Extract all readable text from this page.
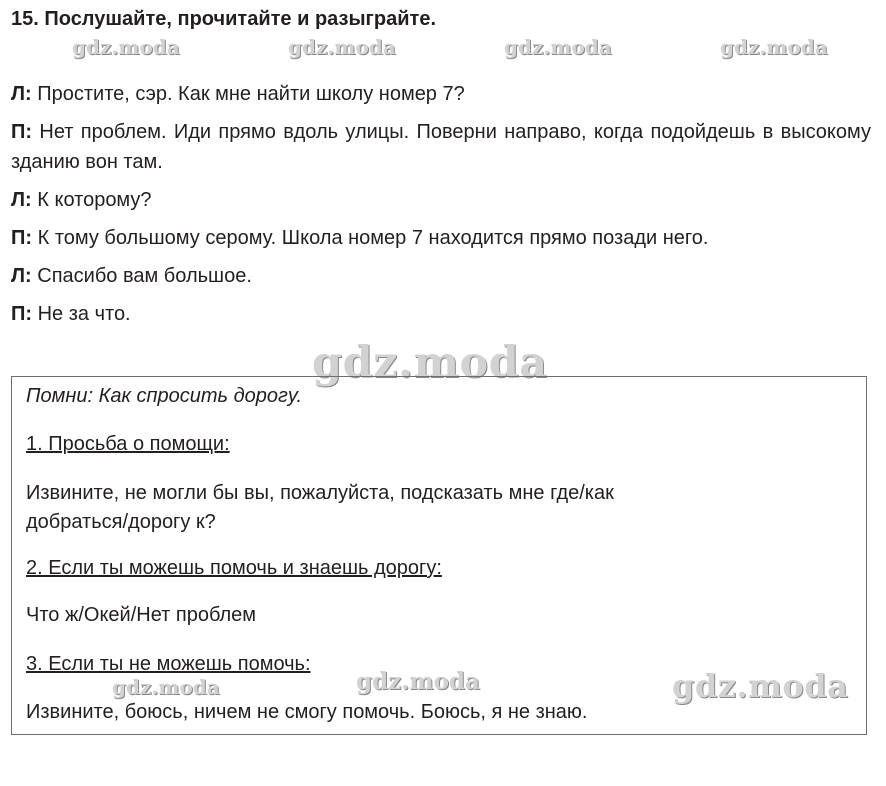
15. Послушайте, прочитайте и разыграйте.
gdz.moda	gdz.moda	gdz.moda	gdz.moda
Л: Простите, сэр. Как мне найти школу номер 7?
П: Нет проблем. Иди прямо вдоль улицы. Поверни направо, когда подойдешь в высокому зданию вон там.
Л: К которому?
П: К тому большому серому. Школа номер 7 находится прямо позади него.
Л: Спасибо вам большое.
П: Не за что.
gdz.moda
Помни: Как спросить дорогу.
1. Просьба о помощи:
Извините, не могли бы вы, пожалуйста, подсказать мне где/как
добраться/дорогу к?
2. Если ты можешь помочь и знаешь дорогу:
Что ж/Окей/Нет проблем
3. Если ты не можешь помочь:
Извините, боюсь, ничем не смогу помочь. Боюсь, я не знаю.
gdz.moda	gdz.moda	gdz.moda
